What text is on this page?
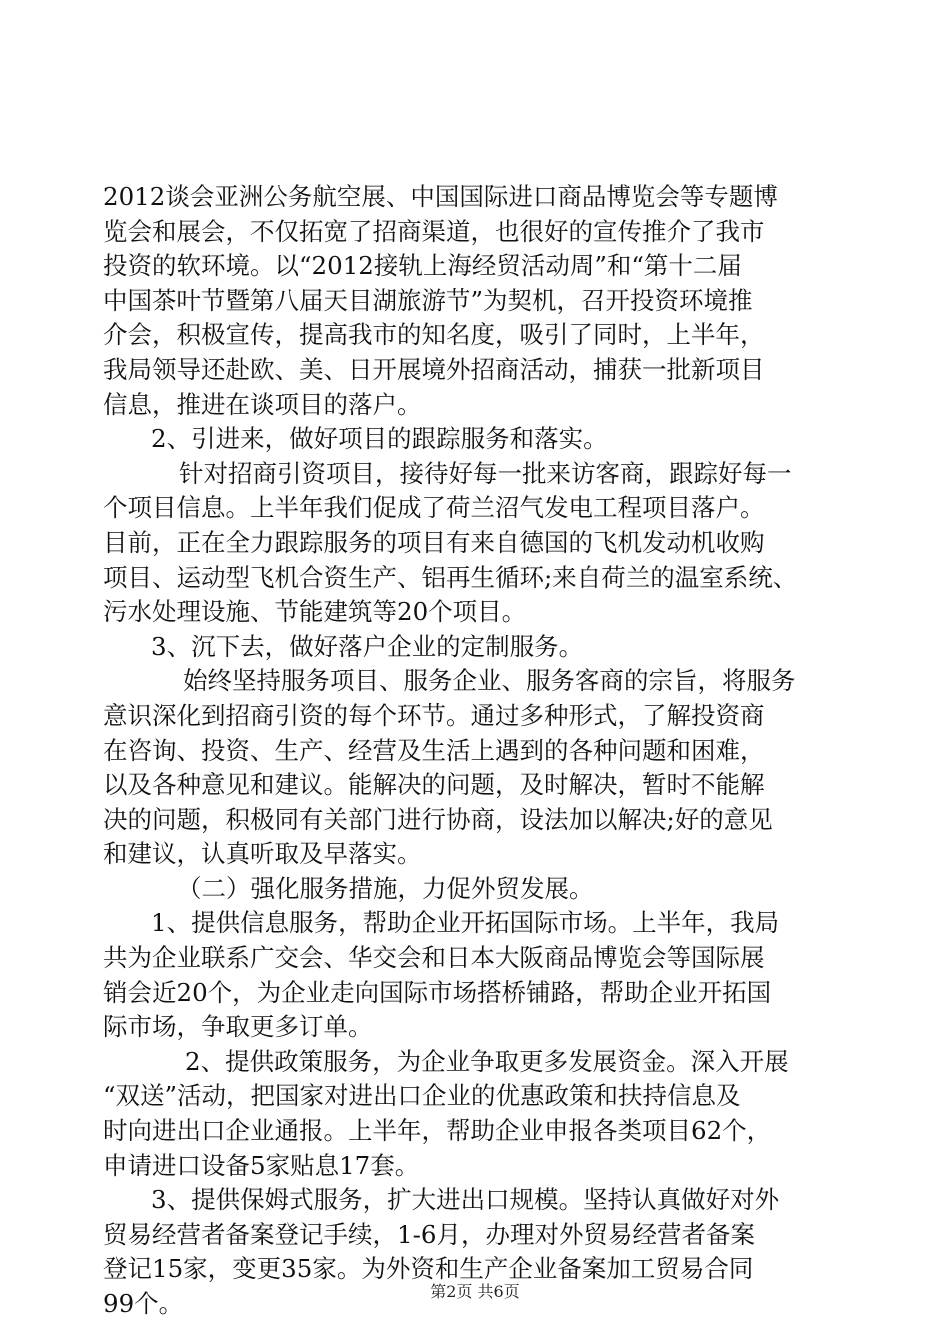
2012谈会亚洲公务航空展、中国国际进口商品博览会等专题博
览会和展会，不仅拓宽了招商渠道，也很好的宣传推介了我市
投资的软环境。以“2012接轨上海经贸活动周”和“第十二届
中国茶叶节暨第八届天目湖旅游节”为契机，召开投资环境推
介会，积极宣传，提高我市的知名度，吸引了同时，上半年，
我局领导还赴欧、美、日开展境外招商活动，捕获一批新项目
信息，推进在谈项目的落户。
2、引进来，做好项目的跟踪服务和落实。
针对招商引资项目，接待好每一批来访客商，跟踪好每一
个项目信息。上半年我们促成了荷兰沼气发电工程项目落户。
目前，正在全力跟踪服务的项目有来自德国的飞机发动机收购
项目、运动型飞机合资生产、铝再生循环;来自荷兰的温室系统、
污水处理设施、节能建筑等20个项目。
3、沉下去，做好落户企业的定制服务。
始终坚持服务项目、服务企业、服务客商的宗旨，将服务
意识深化到招商引资的每个环节。通过多种形式，了解投资商
在咨询、投资、生产、经营及生活上遇到的各种问题和困难，
以及各种意见和建议。能解决的问题，及时解决，暂时不能解
决的问题，积极同有关部门进行协商，设法加以解决;好的意见
和建议，认真听取及早落实。
（二）强化服务措施，力促外贸发展。
1、提供信息服务，帮助企业开拓国际市场。上半年，我局
共为企业联系广交会、华交会和日本大阪商品博览会等国际展
销会近20个，为企业走向国际市场搭桥铺路，帮助企业开拓国
际市场，争取更多订单。
2、提供政策服务，为企业争取更多发展资金。深入开展
“双送”活动，把国家对进出口企业的优惠政策和扶持信息及
时向进出口企业通报。上半年，帮助企业申报各类项目62个，
申请进口设备5家贴息17套。
3、提供保姆式服务，扩大进出口规模。坚持认真做好对外
贸易经营者备案登记手续，1-6月，办理对外贸易经营者备案
登记15家，变更35家。为外资和生产企业备案加工贸易合同
99个。	第2页 共6页
